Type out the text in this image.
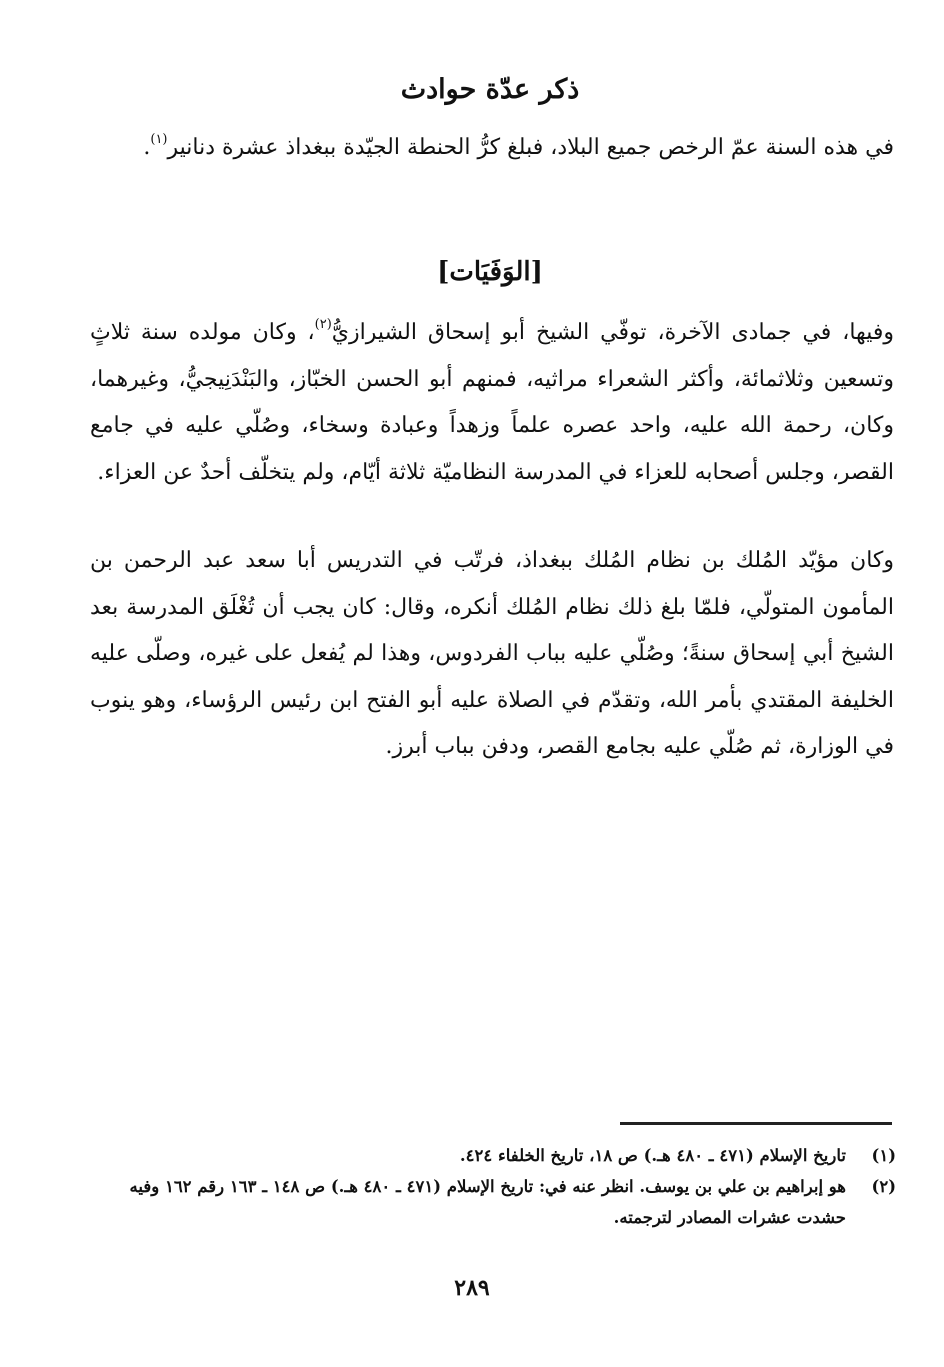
ذكر عدّة حوادث

في هذه السنة عمّ الرخص جميع البلاد، فبلغ كرُّ الحنطة الجيّدة ببغداذ عشرة دنانير$^{(١)}$.

[الوَفَيَات]

وفيها، في جمادى الآخرة، توفّي الشيخ أبو إسحاق الشيرازيُّ$^{(٢)}$، وكان مولده سنة ثلاثٍ وتسعين وثلاثمائة، وأكثر الشعراء مراثيه، فمنهم أبو الحسن الخبّاز، والبَنْدَنِيجيُّ، وغيرهما، وكان، رحمة الله عليه، واحد عصره علماً وزهداً وعبادة وسخاء، وصُلّي عليه في جامع القصر، وجلس أصحابه للعزاء في المدرسة النظاميّة ثلاثة أيّام، ولم يتخلّف أحدٌ عن العزاء.

وكان مؤيّد المُلك بن نظام المُلك ببغداذ، فرتّب في التدريس أبا سعد عبد الرحمن بن المأمون المتولّي، فلمّا بلغ ذلك نظام المُلك أنكره، وقال: كان يجب أن تُغْلَق المدرسة بعد الشيخ أبي إسحاق سنةً؛ وصُلّي عليه بباب الفردوس، وهذا لم يُفعل على غيره، وصلّى عليه الخليفة المقتدي بأمر الله، وتقدّم في الصلاة عليه أبو الفتح ابن رئيس الرؤساء، وهو ينوب في الوزارة، ثم صُلّي عليه بجامع القصر، ودفن بباب أبرز.

(١)
تاريخ الإسلام (٤٧١ ـ ٤٨٠ هـ.) ص ١٨، تاريخ الخلفاء ٤٢٤.
(٢)
هو إبراهيم بن علي بن يوسف. انظر عنه في: تاريخ الإسلام (٤٧١ ـ ٤٨٠ هـ.) ص ١٤٨ ـ ١٦٣ رقم ١٦٢ وفيه حشدت عشرات المصادر لترجمته.
٢٨٩
